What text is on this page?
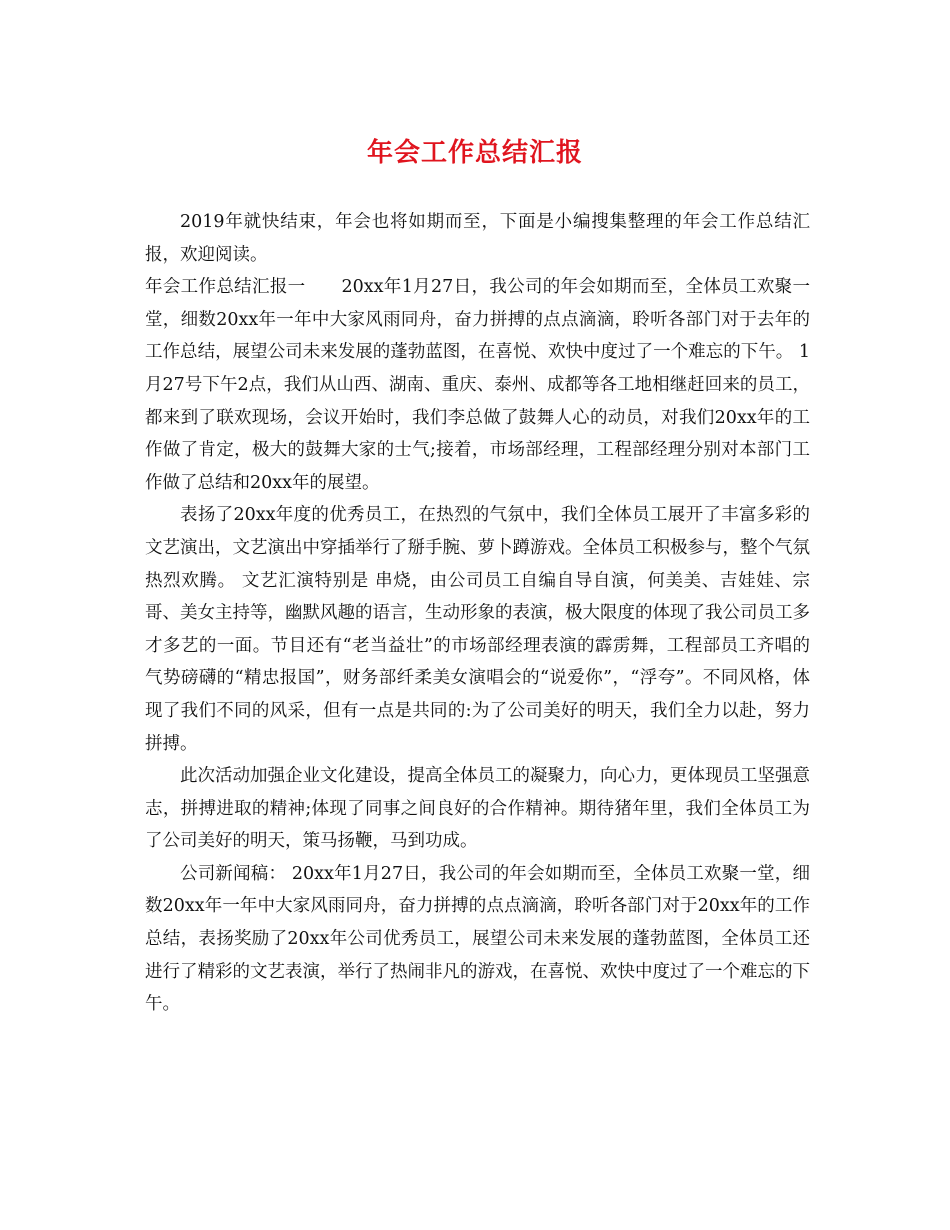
年会工作总结汇报

2019年就快结束，年会也将如期而至，下面是小编搜集整理的年会工作总结汇报，欢迎阅读。

年会工作总结汇报一 20xx年1月27日，我公司的年会如期而至，全体员工欢聚一堂，细数20xx年一年中大家风雨同舟，奋力拼搏的点点滴滴，聆听各部门对于去年的工作总结，展望公司未来发展的蓬勃蓝图，在喜悦、欢快中度过了一个难忘的下午。 1月27号下午2点，我们从山西、湖南、重庆、泰州、成都等各工地相继赶回来的员工， 都来到了联欢现场，会议开始时，我们李总做了鼓舞人心的动员，对我们20xx年的工作做了肯定，极大的鼓舞大家的士气;接着，市场部经理，工程部经理分别对本部门工作做了总结和20xx年的展望。

表扬了20xx年度的优秀员工，在热烈的气氛中，我们全体员工展开了丰富多彩的文艺演出，文艺演出中穿插举行了掰手腕、萝卜蹲游戏。全体员工积极参与，整个气氛热烈欢腾。 文艺汇演特别是 串烧，由公司员工自编自导自演，何美美、吉娃娃、宗哥、美女主持等，幽默风趣的语言，生动形象的表演，极大限度的体现了我公司员工多才多艺的一面。节目还有“老当益壮”的市场部经理表演的霹雳舞，工程部员工齐唱的气势磅礴的“精忠报国”，财务部纤柔美女演唱会的“说爱你”，“浮夸”。不同风格，体现了我们不同的风采，但有一点是共同的:为了公司美好的明天，我们全力以赴，努力拼搏。

此次活动加强企业文化建设，提高全体员工的凝聚力，向心力，更体现员工坚强意志，拼搏进取的精神;体现了同事之间良好的合作精神。期待猪年里，我们全体员工为了公司美好的明天，策马扬鞭，马到功成。

公司新闻稿： 20xx年1月27日，我公司的年会如期而至，全体员工欢聚一堂，细数20xx年一年中大家风雨同舟，奋力拼搏的点点滴滴，聆听各部门对于20xx年的工作总结，表扬奖励了20xx年公司优秀员工，展望公司未来发展的蓬勃蓝图，全体员工还进行了精彩的文艺表演，举行了热闹非凡的游戏，在喜悦、欢快中度过了一个难忘的下午。
